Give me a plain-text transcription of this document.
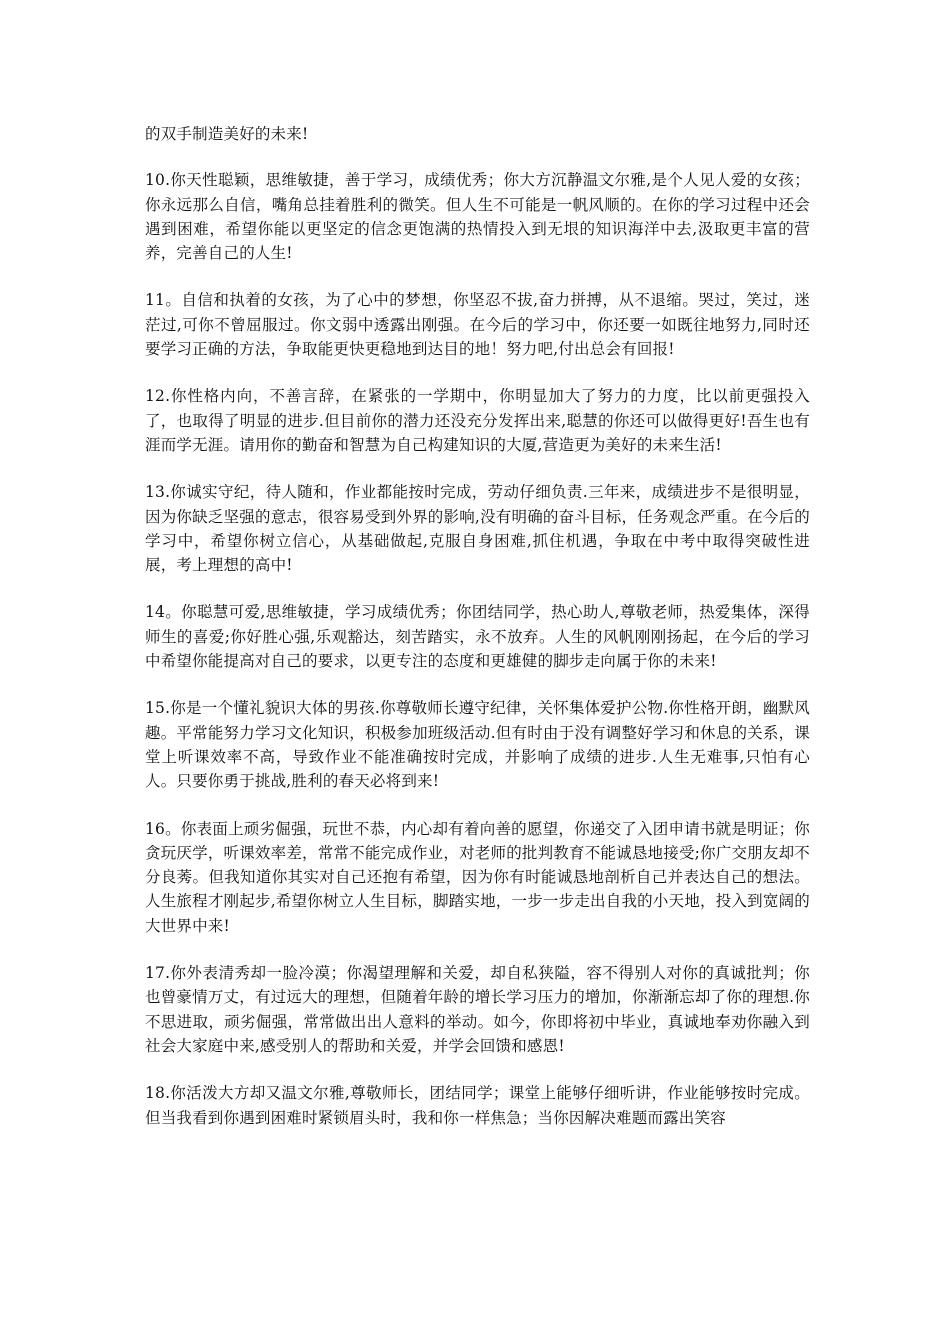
的双手制造美好的未来!

10.你天性聪颖，思维敏捷，善于学习，成绩优秀；你大方沉静温文尔雅,是个人见人爱的女孩；你永远那么自信，嘴角总挂着胜利的微笑。但人生不可能是一帆风顺的。在你的学习过程中还会遇到困难，希望你能以更坚定的信念更饱满的热情投入到无垠的知识海洋中去,汲取更丰富的营养，完善自己的人生!

11。自信和执着的女孩，为了心中的梦想，你坚忍不拔,奋力拼搏，从不退缩。哭过，笑过，迷茫过,可你不曾屈服过。你文弱中透露出刚强。在今后的学习中，你还要一如既往地努力,同时还要学习正确的方法，争取能更快更稳地到达目的地！努力吧,付出总会有回报!

12.你性格内向，不善言辞，在紧张的一学期中，你明显加大了努力的力度，比以前更强投入了，也取得了明显的进步.但目前你的潜力还没充分发挥出来,聪慧的你还可以做得更好!吾生也有涯而学无涯。请用你的勤奋和智慧为自己构建知识的大厦,营造更为美好的未来生活!

13.你诚实守纪，待人随和，作业都能按时完成，劳动仔细负责.三年来，成绩进步不是很明显，因为你缺乏坚强的意志，很容易受到外界的影响,没有明确的奋斗目标，任务观念严重。在今后的学习中，希望你树立信心，从基础做起,克服自身困难,抓住机遇，争取在中考中取得突破性进展，考上理想的高中!

14。你聪慧可爱,思维敏捷，学习成绩优秀；你团结同学，热心助人,尊敬老师，热爱集体，深得师生的喜爱;你好胜心强,乐观豁达，刻苦踏实，永不放弃。人生的风帆刚刚扬起，在今后的学习中希望你能提高对自己的要求，以更专注的态度和更雄健的脚步走向属于你的未来!

15.你是一个懂礼貌识大体的男孩.你尊敬师长遵守纪律，关怀集体爱护公物.你性格开朗，幽默风趣。平常能努力学习文化知识，积极参加班级活动.但有时由于没有调整好学习和休息的关系，课堂上听课效率不高，导致作业不能准确按时完成，并影响了成绩的进步.人生无难事,只怕有心人。只要你勇于挑战,胜利的春天必将到来!

16。你表面上顽劣倔强，玩世不恭，内心却有着向善的愿望，你递交了入团申请书就是明证；你贪玩厌学，听课效率差，常常不能完成作业，对老师的批判教育不能诚恳地接受;你广交朋友却不分良莠。但我知道你其实对自己还抱有希望，因为你有时能诚恳地剖析自己并表达自己的想法。人生旅程才刚起步,希望你树立人生目标，脚踏实地，一步一步走出自我的小天地，投入到宽阔的大世界中来!

17.你外表清秀却一脸冷漠；你渴望理解和关爱，却自私狭隘，容不得别人对你的真诚批判；你也曾豪情万丈，有过远大的理想，但随着年龄的增长学习压力的增加，你渐渐忘却了你的理想.你不思进取，顽劣倔强，常常做出出人意料的举动。如今，你即将初中毕业，真诚地奉劝你融入到社会大家庭中来,感受别人的帮助和关爱，并学会回馈和感恩!

18.你活泼大方却又温文尔雅,尊敬师长，团结同学；课堂上能够仔细听讲，作业能够按时完成。但当我看到你遇到困难时紧锁眉头时，我和你一样焦急；当你因解决难题而露出笑容
